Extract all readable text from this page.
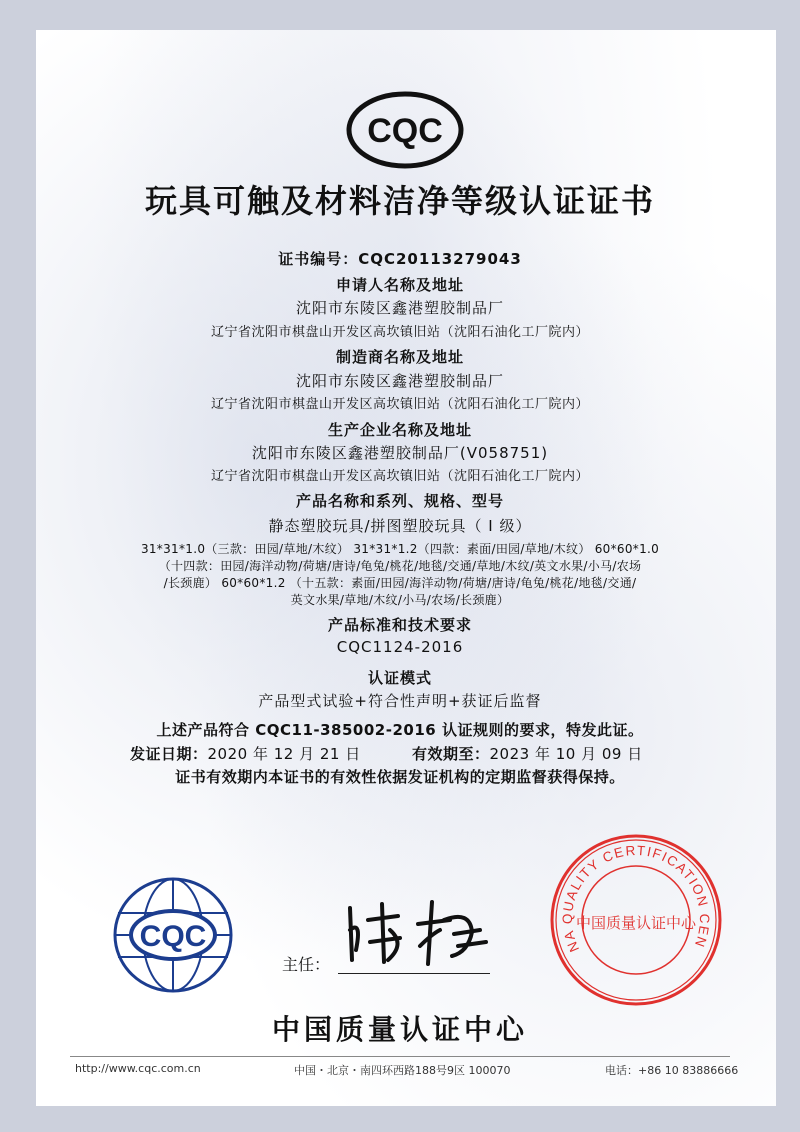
CQC
玩具可触及材料洁净等级认证证书
证书编号：CQC20113279043
申请人名称及地址
沈阳市东陵区鑫港塑胶制品厂
辽宁省沈阳市棋盘山开发区高坎镇旧站（沈阳石油化工厂院内）
制造商名称及地址
沈阳市东陵区鑫港塑胶制品厂
辽宁省沈阳市棋盘山开发区高坎镇旧站（沈阳石油化工厂院内）
生产企业名称及地址
沈阳市东陵区鑫港塑胶制品厂(V058751)
辽宁省沈阳市棋盘山开发区高坎镇旧站（沈阳石油化工厂院内）
产品名称和系列、规格、型号
静态塑胶玩具/拼图塑胶玩具（ Ⅰ 级）
31*31*1.0（三款：田园/草地/木纹） 31*31*1.2（四款：素面/田园/草地/木纹） 60*60*1.0
（十四款：田园/海洋动物/荷塘/唐诗/龟兔/桃花/地毯/交通/草地/木纹/英文水果/小马/农场
/长颈鹿） 60*60*1.2 （十五款：素面/田园/海洋动物/荷塘/唐诗/龟兔/桃花/地毯/交通/
英文水果/草地/木纹/小马/农场/长颈鹿）
产品标准和技术要求
CQC1124-2016
认证模式
产品型式试验+符合性声明+获证后监督
上述产品符合 CQC11-385002-2016 认证规则的要求，特发此证。
发证日期：2020 年 12 月 21 日	有效期至：2023 年 10 月 09 日
证书有效期内本证书的有效性依据发证机构的定期监督获得保持。
CQC
主任：
NA QUALITY CERTIFICATION CEN
中国质量认证中心
中国质量认证中心
http://www.cqc.com.cn	中国・北京・南四环西路188号9区 100070	电话：+86 10 83886666
